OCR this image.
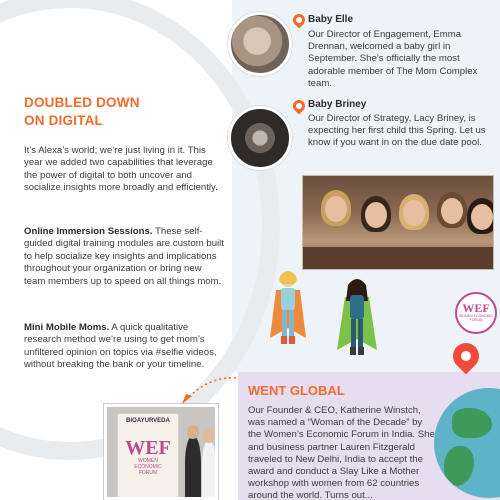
DOUBLED DOWN
ON DIGITAL

It’s Alexa’s world; we’re just living in it. This year we added two capabilities that leverage the power of digital to both uncover and socialize insights more broadly and efficiently.

Online Immersion Sessions. These self-guided digital training modules are custom built to help socialize key insights and implications throughout your organization or bring new team members up to speed on all things mom.

Mini Mobile Moms. A quick qualitative research method we’re using to get mom’s unfiltered opinion on topics via #selfie videos, without breaking the bank or your timeline.

Baby Elle
Our Director of Engagement, Emma Drennan, welcomed a baby girl in September. She’s officially the most adorable member of The Mom Complex team.
Baby Briney
Our Director of Strategy, Lacy Briney, is expecting her first child this Spring. Let us know if you want in on the due date pool.
WEF
WOMEN ECONOMIC FORUM
WENT GLOBAL
Our Founder & CEO, Katherine Winstch, was named a “Woman of the Decade” by the Women’s Economic Forum in India. She and business partner Lauren Fitzgerald traveled to New Delhi, India to accept the award and conduct a Slay Like a Mother workshop with women from 62 countries around the world. Turns out...
BIOAYURVEDA
WEF
WOMEN
ECONOMIC
FORUM
